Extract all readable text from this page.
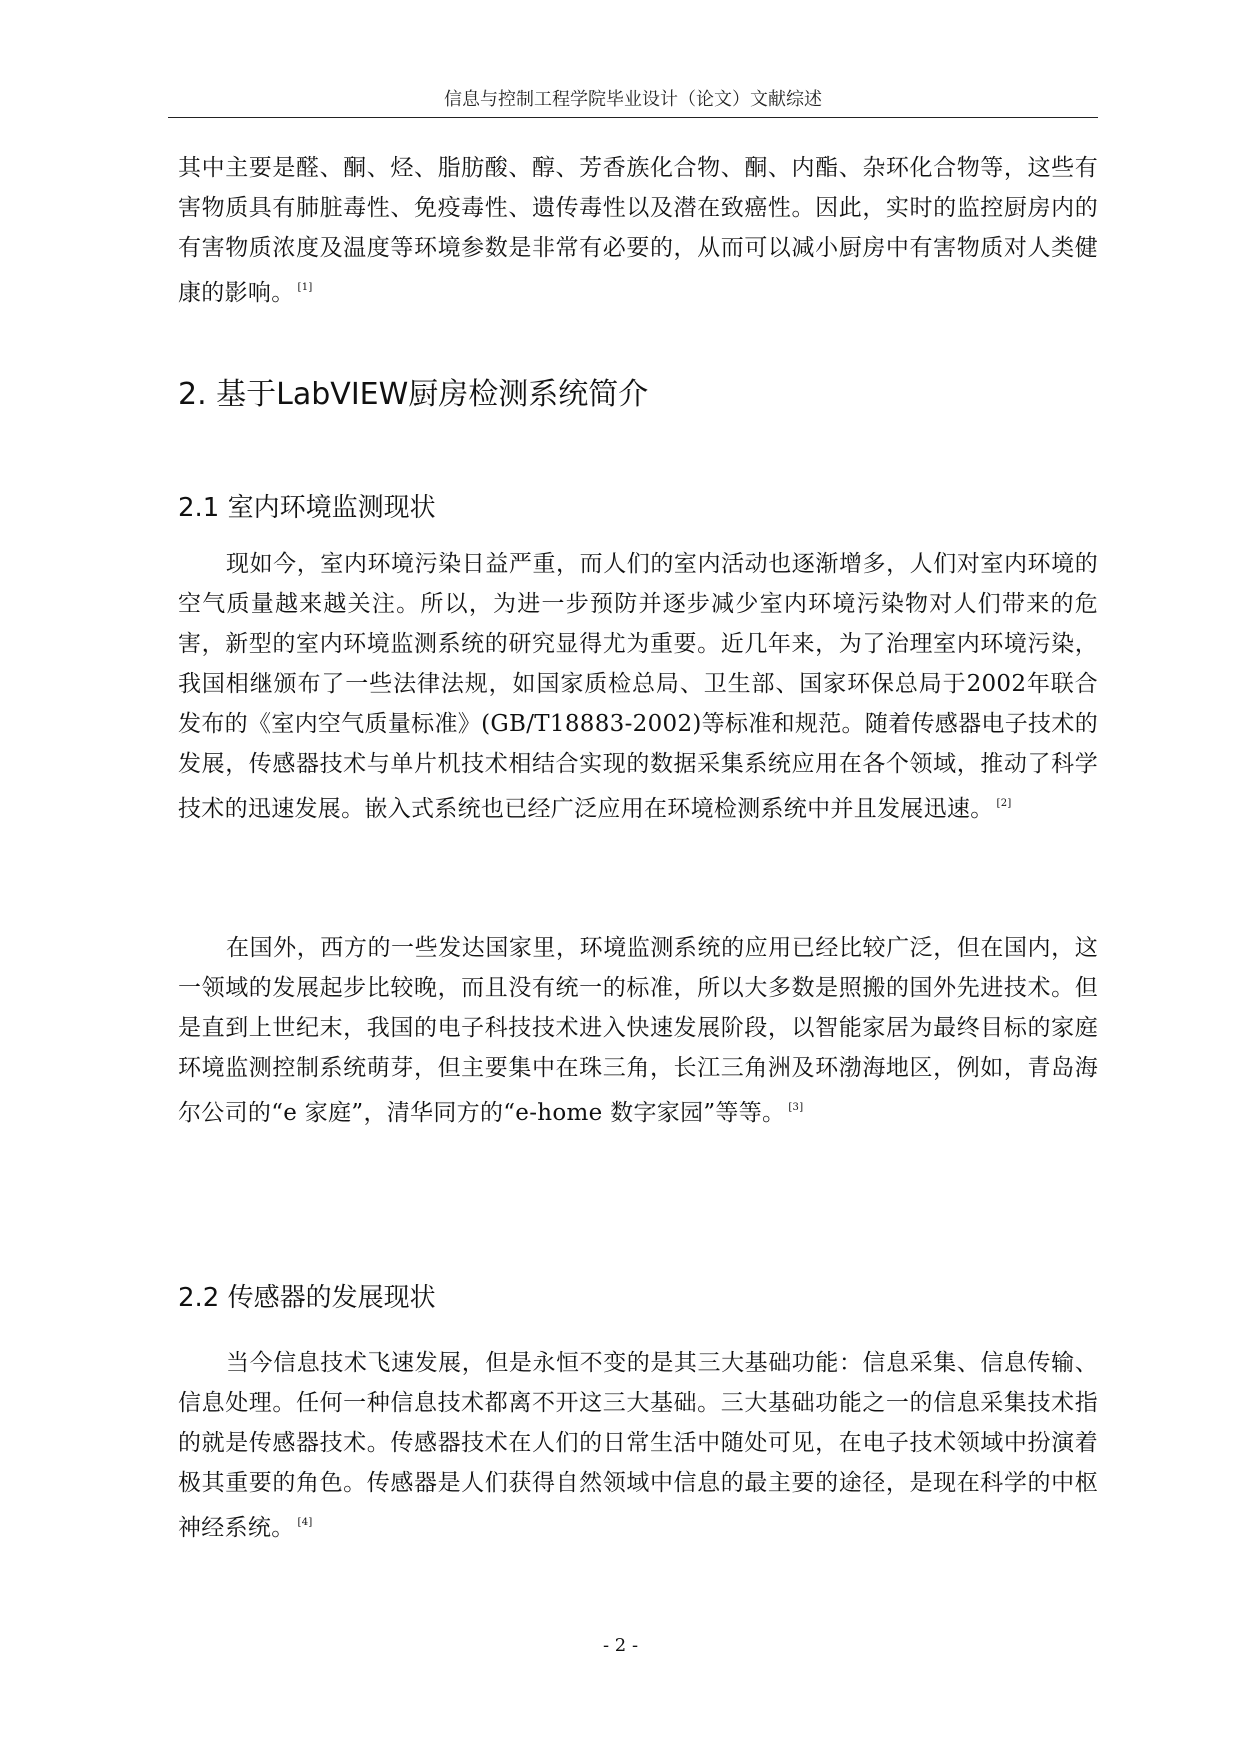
信息与控制工程学院毕业设计（论文）文献综述

其中主要是醛、酮、烃、脂肪酸、醇、芳香族化合物、酮、内酯、杂环化合物等，这些有害物质具有肺脏毒性、免疫毒性、遗传毒性以及潜在致癌性。因此，实时的监控厨房内的有害物质浓度及温度等环境参数是非常有必要的，从而可以减小厨房中有害物质对人类健康的影响。 [1]

2. 基于LabVIEW厨房检测系统简介
2.1 室内环境监测现状

现如今，室内环境污染日益严重，而人们的室内活动也逐渐增多，人们对室内环境的空气质量越来越关注。所以，为进一步预防并逐步减少室内环境污染物对人们带来的危害，新型的室内环境监测系统的研究显得尤为重要。近几年来，为了治理室内环境污染，我国相继颁布了一些法律法规，如国家质检总局、卫生部、国家环保总局于2002年联合发布的《室内空气质量标准》(GB/T18883-2002)等标准和规范。随着传感器电子技术的发展，传感器技术与单片机技术相结合实现的数据采集系统应用在各个领域，推动了科学技术的迅速发展。嵌入式系统也已经广泛应用在环境检测系统中并且发展迅速。 [2]

在国外，西方的一些发达国家里，环境监测系统的应用已经比较广泛，但在国内，这一领域的发展起步比较晚，而且没有统一的标准，所以大多数是照搬的国外先进技术。但是直到上世纪末，我国的电子科技技术进入快速发展阶段，以智能家居为最终目标的家庭环境监测控制系统萌芽，但主要集中在珠三角，长江三角洲及环渤海地区，例如，青岛海尔公司的“e 家庭”，清华同方的“e-home 数字家园”等等。 [3]

2.2 传感器的发展现状

当今信息技术飞速发展，但是永恒不变的是其三大基础功能：信息采集、信息传输、信息处理。任何一种信息技术都离不开这三大基础。三大基础功能之一的信息采集技术指的就是传感器技术。传感器技术在人们的日常生活中随处可见，在电子技术领域中扮演着极其重要的角色。传感器是人们获得自然领域中信息的最主要的途径，是现在科学的中枢神经系统。 [4]

- 2 -
